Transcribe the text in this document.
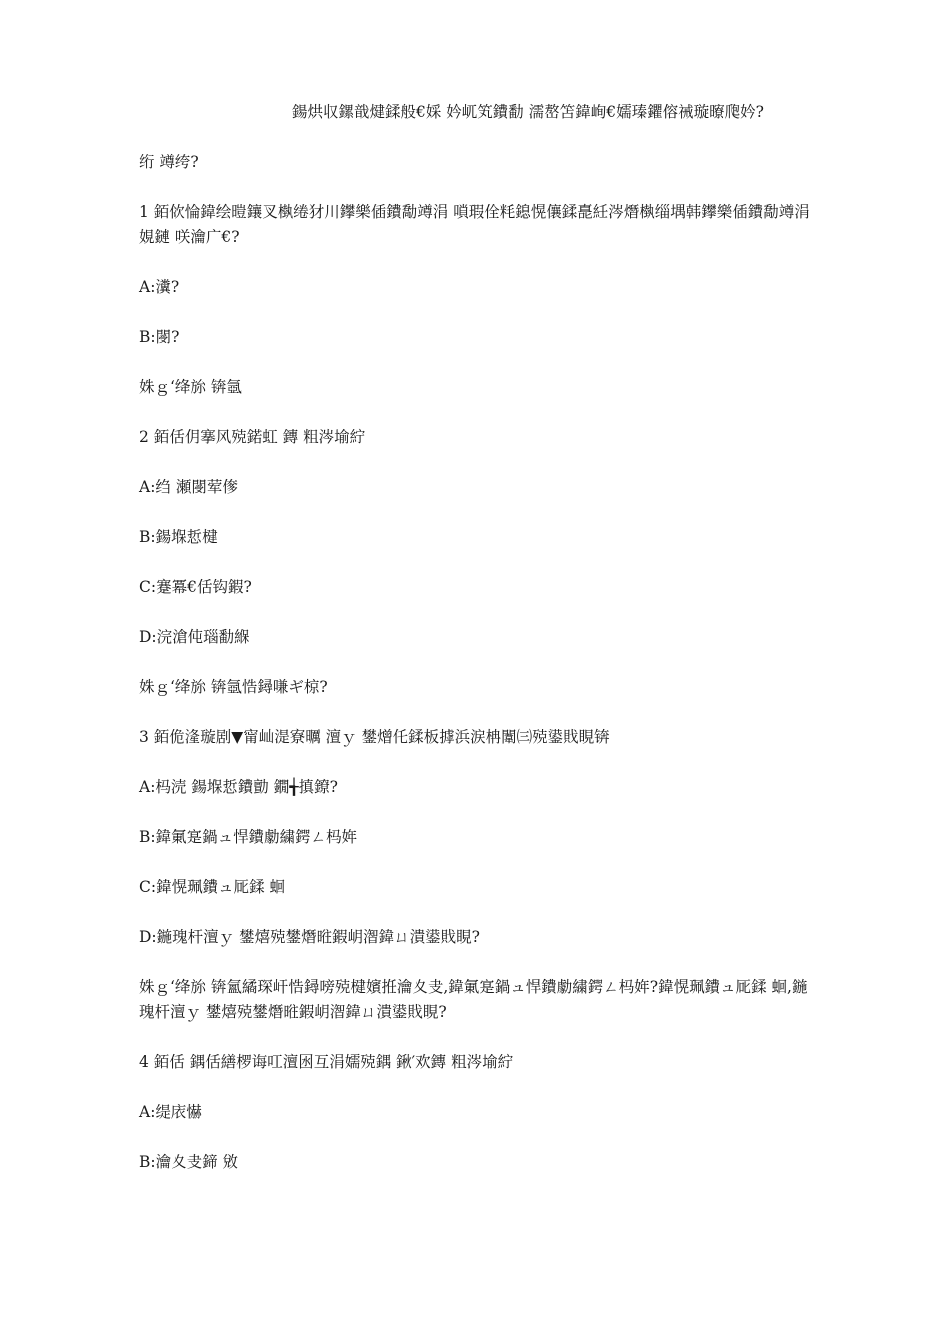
鍚烘収鏍戠煡鍒般€婇 妗屼笂鐨勫 濡嶅笘鍏峋€嬬瑧鑺傛祴璇曢爮妗?

绗 竴绔?

1 銆佽惀鍏绘暟鑲叉槸绻犲川鑻樂偛鐨勪竴涓 嗩瑕佺粍鎴愰儴鍒嗭紝涔熸槸缁堣韩鑻樂偛鐨勪竴涓 娊鏈 咲瀹广€?

A:瀵?

B:閿?

姝ｇ‘绛旀 锛氬

2 銆佸仴搴风殑鍩虹 鏄 粗涔堬紵

A:绉 瀬閿荤偧

B:鍚堢悊楗

C:蹇冪€佸钩鍜?

D:浣滄伅瑙勫緥

姝ｇ‘绛旀 锛氬悎鐞嗛ギ椋?

3 銆佹湰璇剧▼甯屾湜寮曞 澶ｙ 鐢熷仛鍒板摢浜涙柟闈㈢殑鍙戝睍锛

A:杩涜 鍚堢悊鐨勯 鐗╅搷鐐?

B:鍏氭寔鍋ュ悍鐨勮繍鍔ㄥ杩姩

C:鍏愰珮鐨ュ厑鍒 蛔

D:鍦瑰杆澶ｙ 鐢熺殑鐢熸暀鍜岄潪鍏ㄩ潰鍙戝睍?

姝ｇ‘绛旀 锛氳繘琛屽悎鐞嗙殑楗嬪拰瀹夊叏,鍏氭寔鍋ュ悍鐨勮繍鍔ㄥ杩姩?鍏愰珮鐨ュ厑鍒 蛔,鍦瑰杆澶ｙ 鐢熺殑鐢熸暀鍜岄潪鍏ㄩ潰鍙戝睍?

4 銆佸 鍝佸繕椤诲叿澶囦互涓嬬殑鍝 鍬′欢鏄 粗涔堬紵

A:缇庡懗

B:瀹夊叏鍗 敓
